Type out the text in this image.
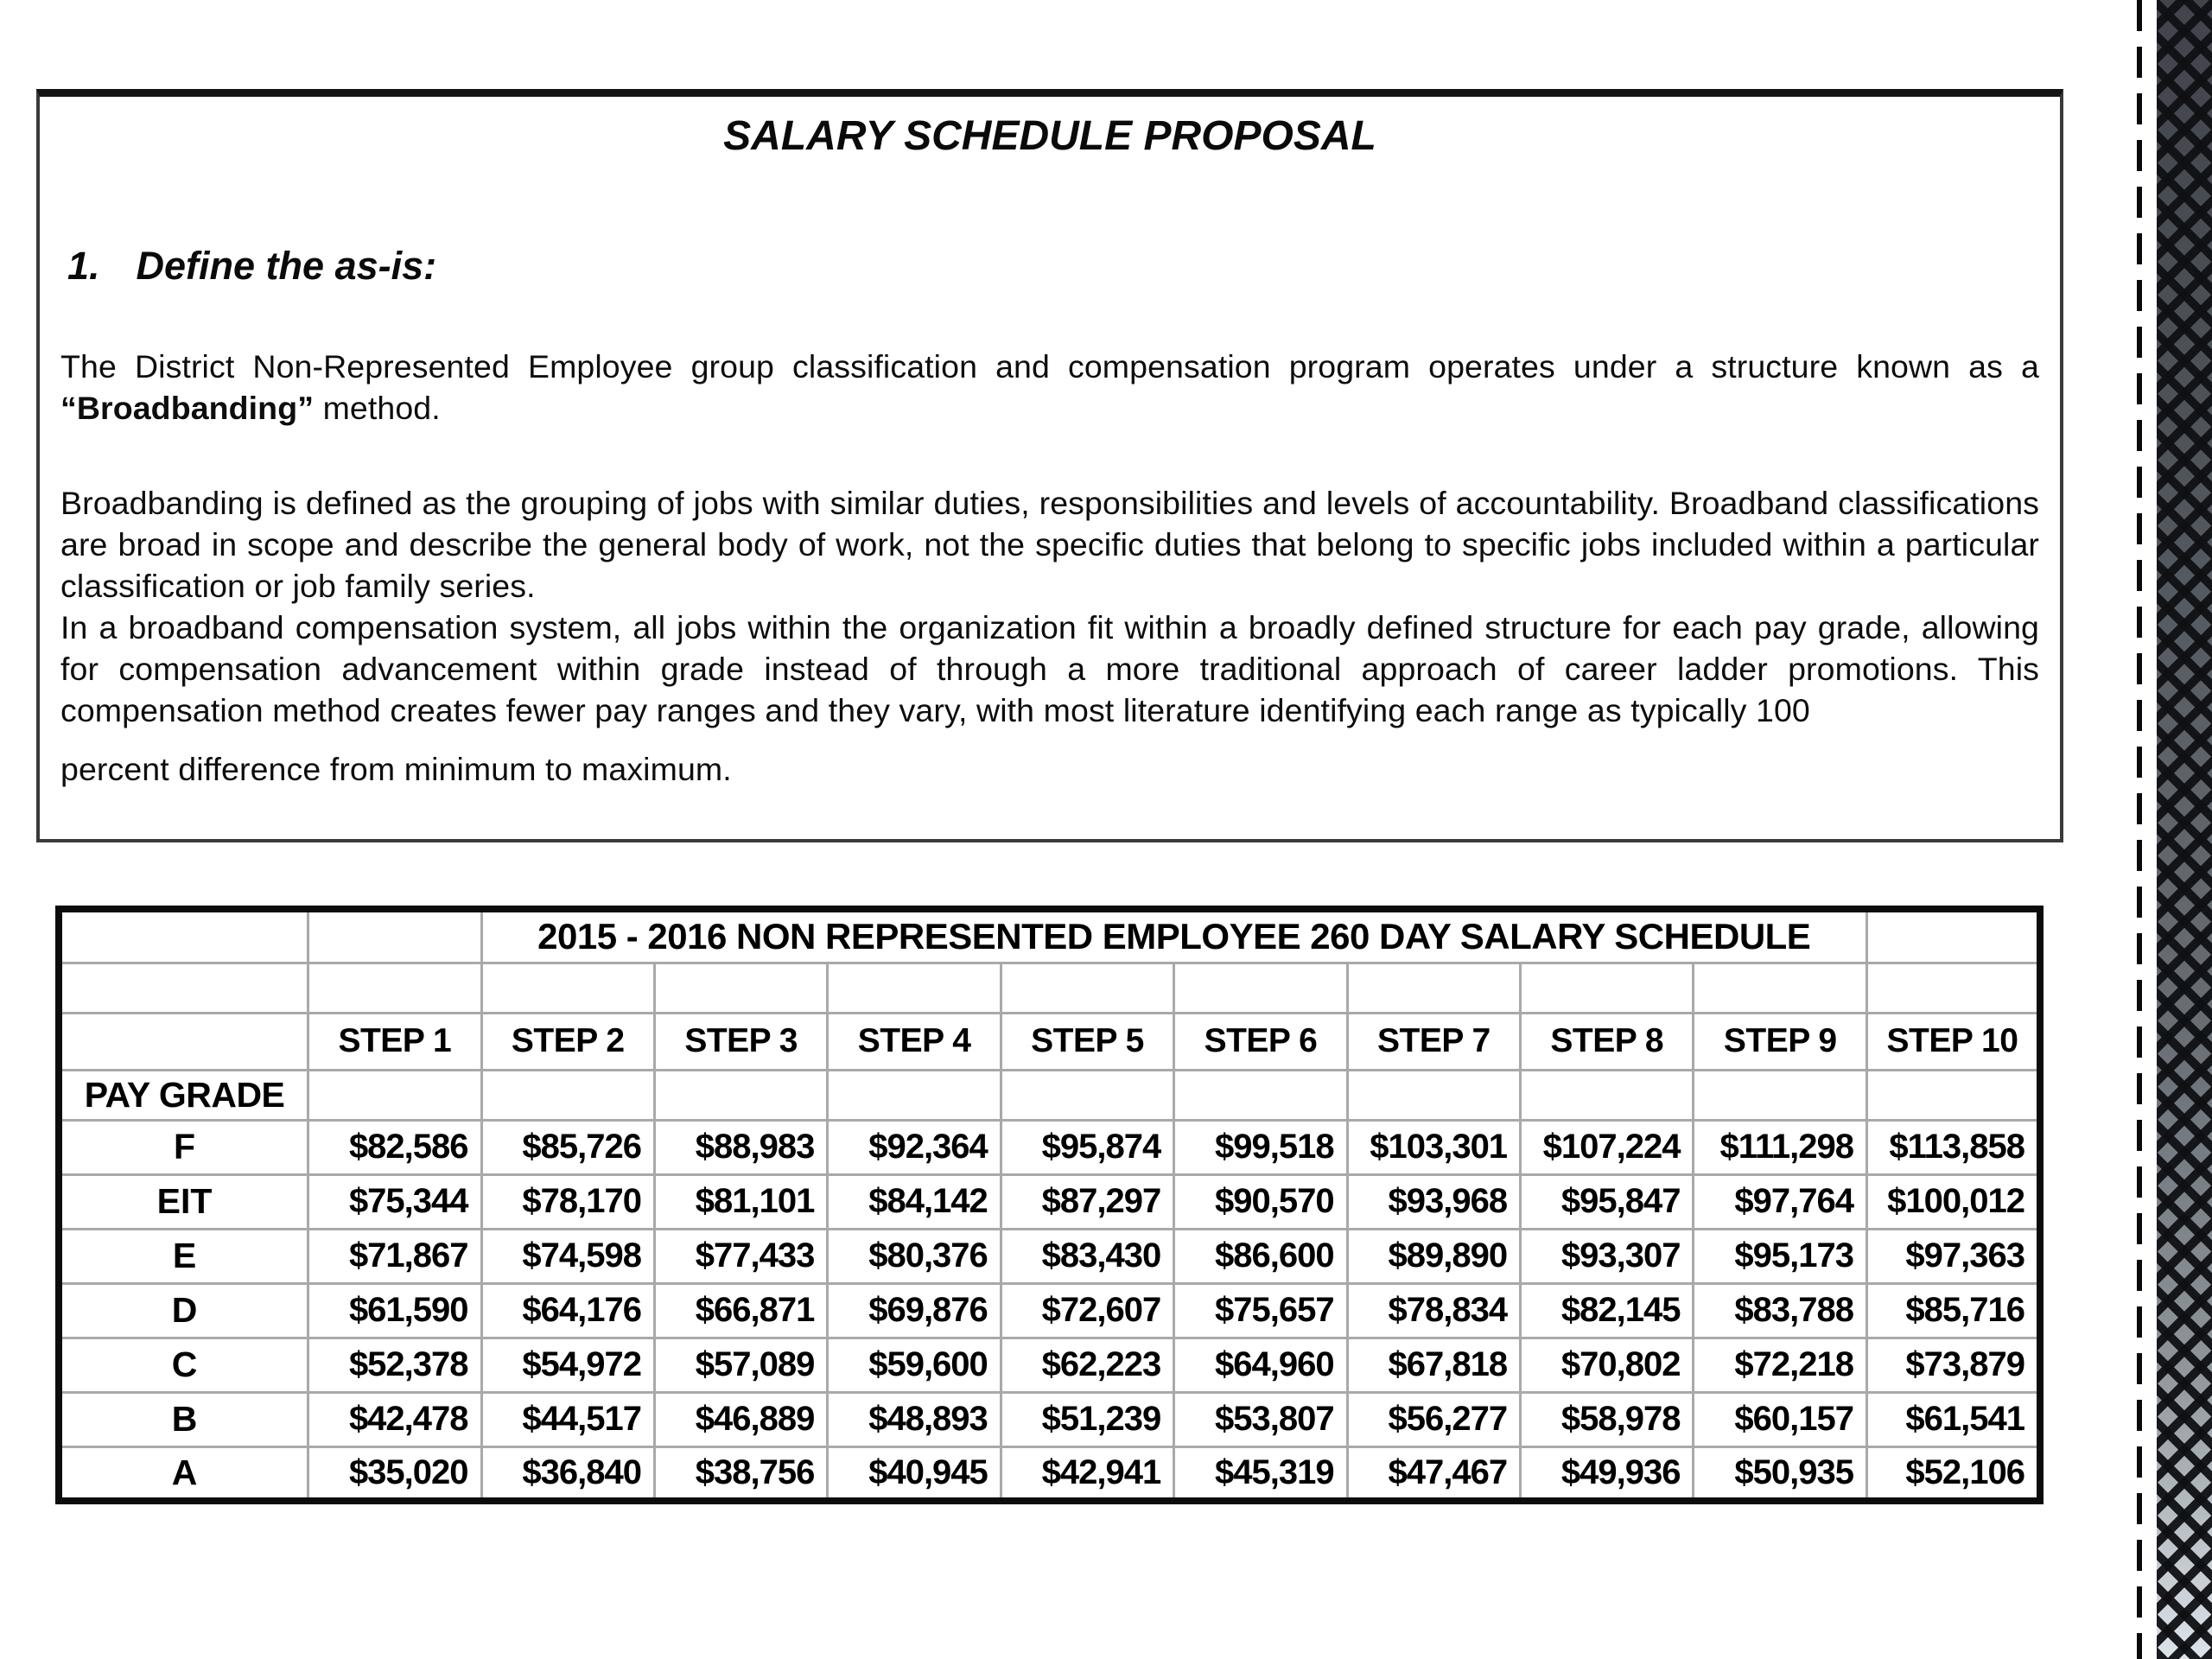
SALARY SCHEDULE PROPOSAL
1. Define the as-is:

The District Non-Represented Employee group classification and compensation program operates under a structure known as a “Broadbanding” method.

Broadbanding is defined as the grouping of jobs with similar duties, responsibilities and levels of accountability. Broadband classifications are broad in scope and describe the general body of work, not the specific duties that belong to specific jobs included within a particular classification or job family series.

In a broadband compensation system, all jobs within the organization fit within a broadly defined structure for each pay grade, allowing for compensation advancement within grade instead of through a more traditional approach of career ladder promotions. This compensation method creates fewer pay ranges and they vary, with most literature identifying each range as typically 100

percent difference from minimum to maximum.

		2015 - 2016 NON REPRESENTED EMPLOYEE 260 DAY SALARY SCHEDULE								

	STEP 1	STEP 2	STEP 3	STEP 4	STEP 5	STEP 6	STEP 7	STEP 8	STEP 9	STEP 10
PAY GRADE										
F	$82,586	$85,726	$88,983	$92,364	$95,874	$99,518	$103,301	$107,224	$111,298	$113,858
EIT	$75,344	$78,170	$81,101	$84,142	$87,297	$90,570	$93,968	$95,847	$97,764	$100,012
E	$71,867	$74,598	$77,433	$80,376	$83,430	$86,600	$89,890	$93,307	$95,173	$97,363
D	$61,590	$64,176	$66,871	$69,876	$72,607	$75,657	$78,834	$82,145	$83,788	$85,716
C	$52,378	$54,972	$57,089	$59,600	$62,223	$64,960	$67,818	$70,802	$72,218	$73,879
B	$42,478	$44,517	$46,889	$48,893	$51,239	$53,807	$56,277	$58,978	$60,157	$61,541
A	$35,020	$36,840	$38,756	$40,945	$42,941	$45,319	$47,467	$49,936	$50,935	$52,106
